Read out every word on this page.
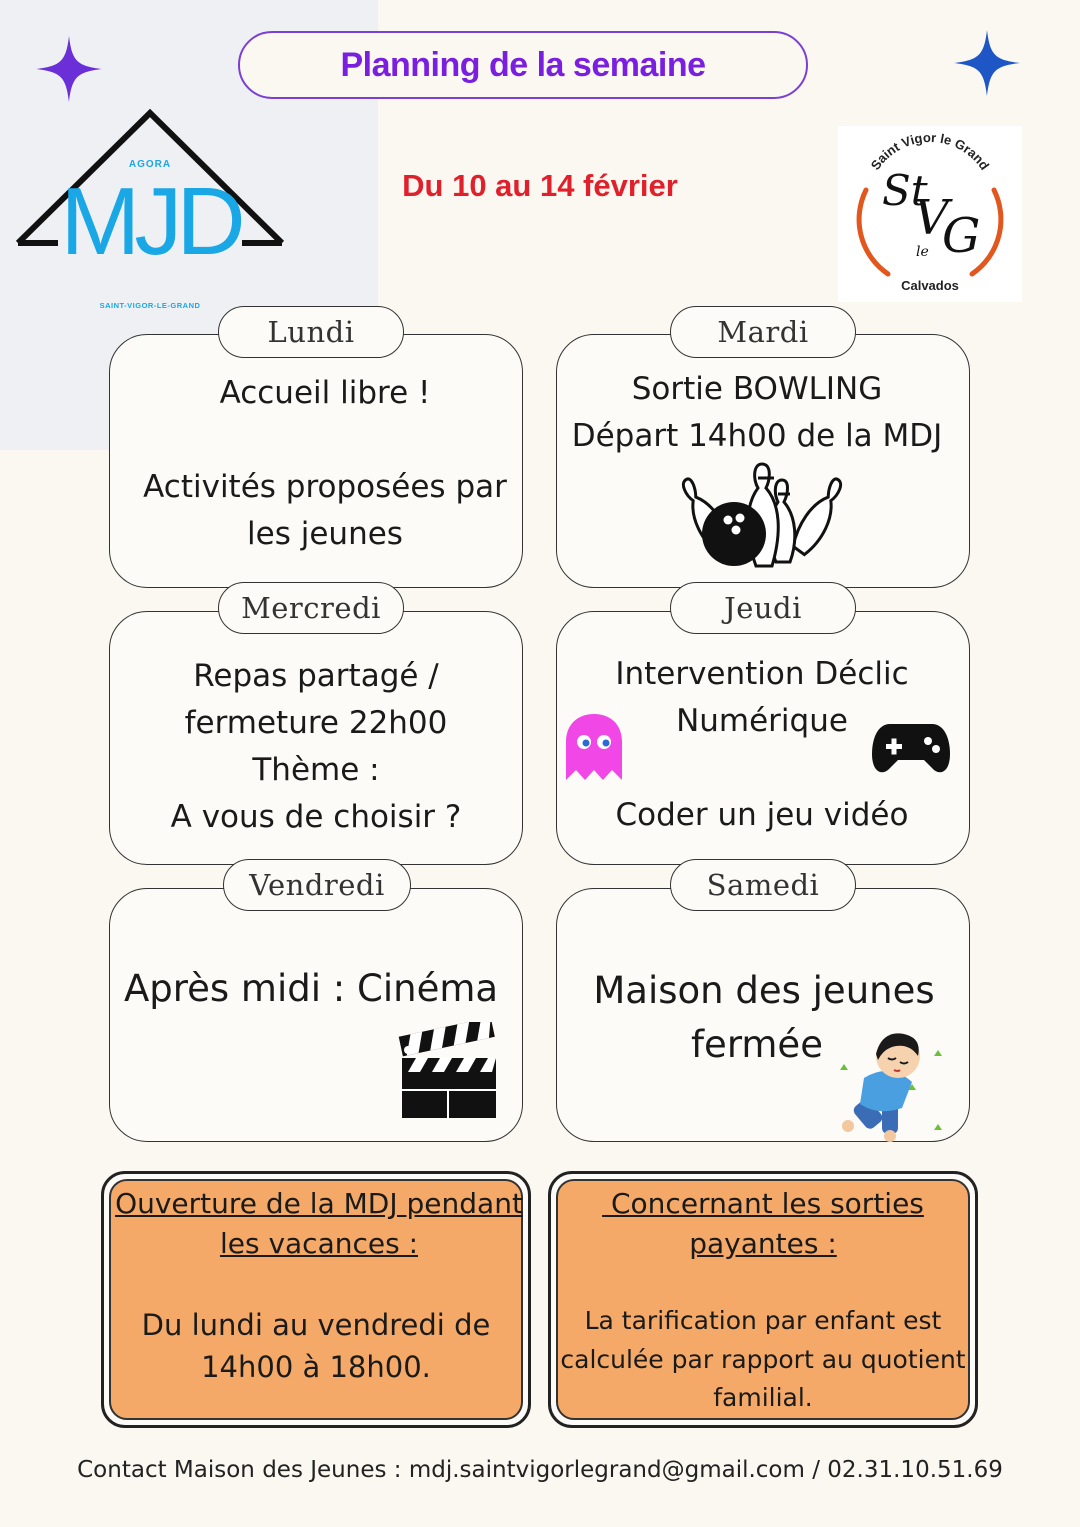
Planning de la semaine
Du 10 au 14 février
AGORA
MJD
SAINT-VIGOR-LE-GRAND
Saint Vigor le Grand
St
V
le G
Calvados
Lundi
Accueil libre !
Activités proposées par
les jeunes
Mardi
Sortie BOWLING
Départ 14h00 de la MDJ
Mercredi
Repas partagé /
fermeture 22h00
Thème :
A vous de choisir ?
Jeudi
Intervention Déclic
Numérique
Coder un jeu vidéo
Vendredi
Après midi : Cinéma
Samedi
Maison des jeunes
fermée
Ouverture de la MDJ pendant
les vacances :
Du lundi au vendredi de
14h00 à 18h00.
Concernant les sorties
payantes :
La tarification par enfant est
calculée par rapport au quotient
familial.
Contact Maison des Jeunes : mdj.saintvigorlegrand@gmail.com / 02.31.10.51.69
